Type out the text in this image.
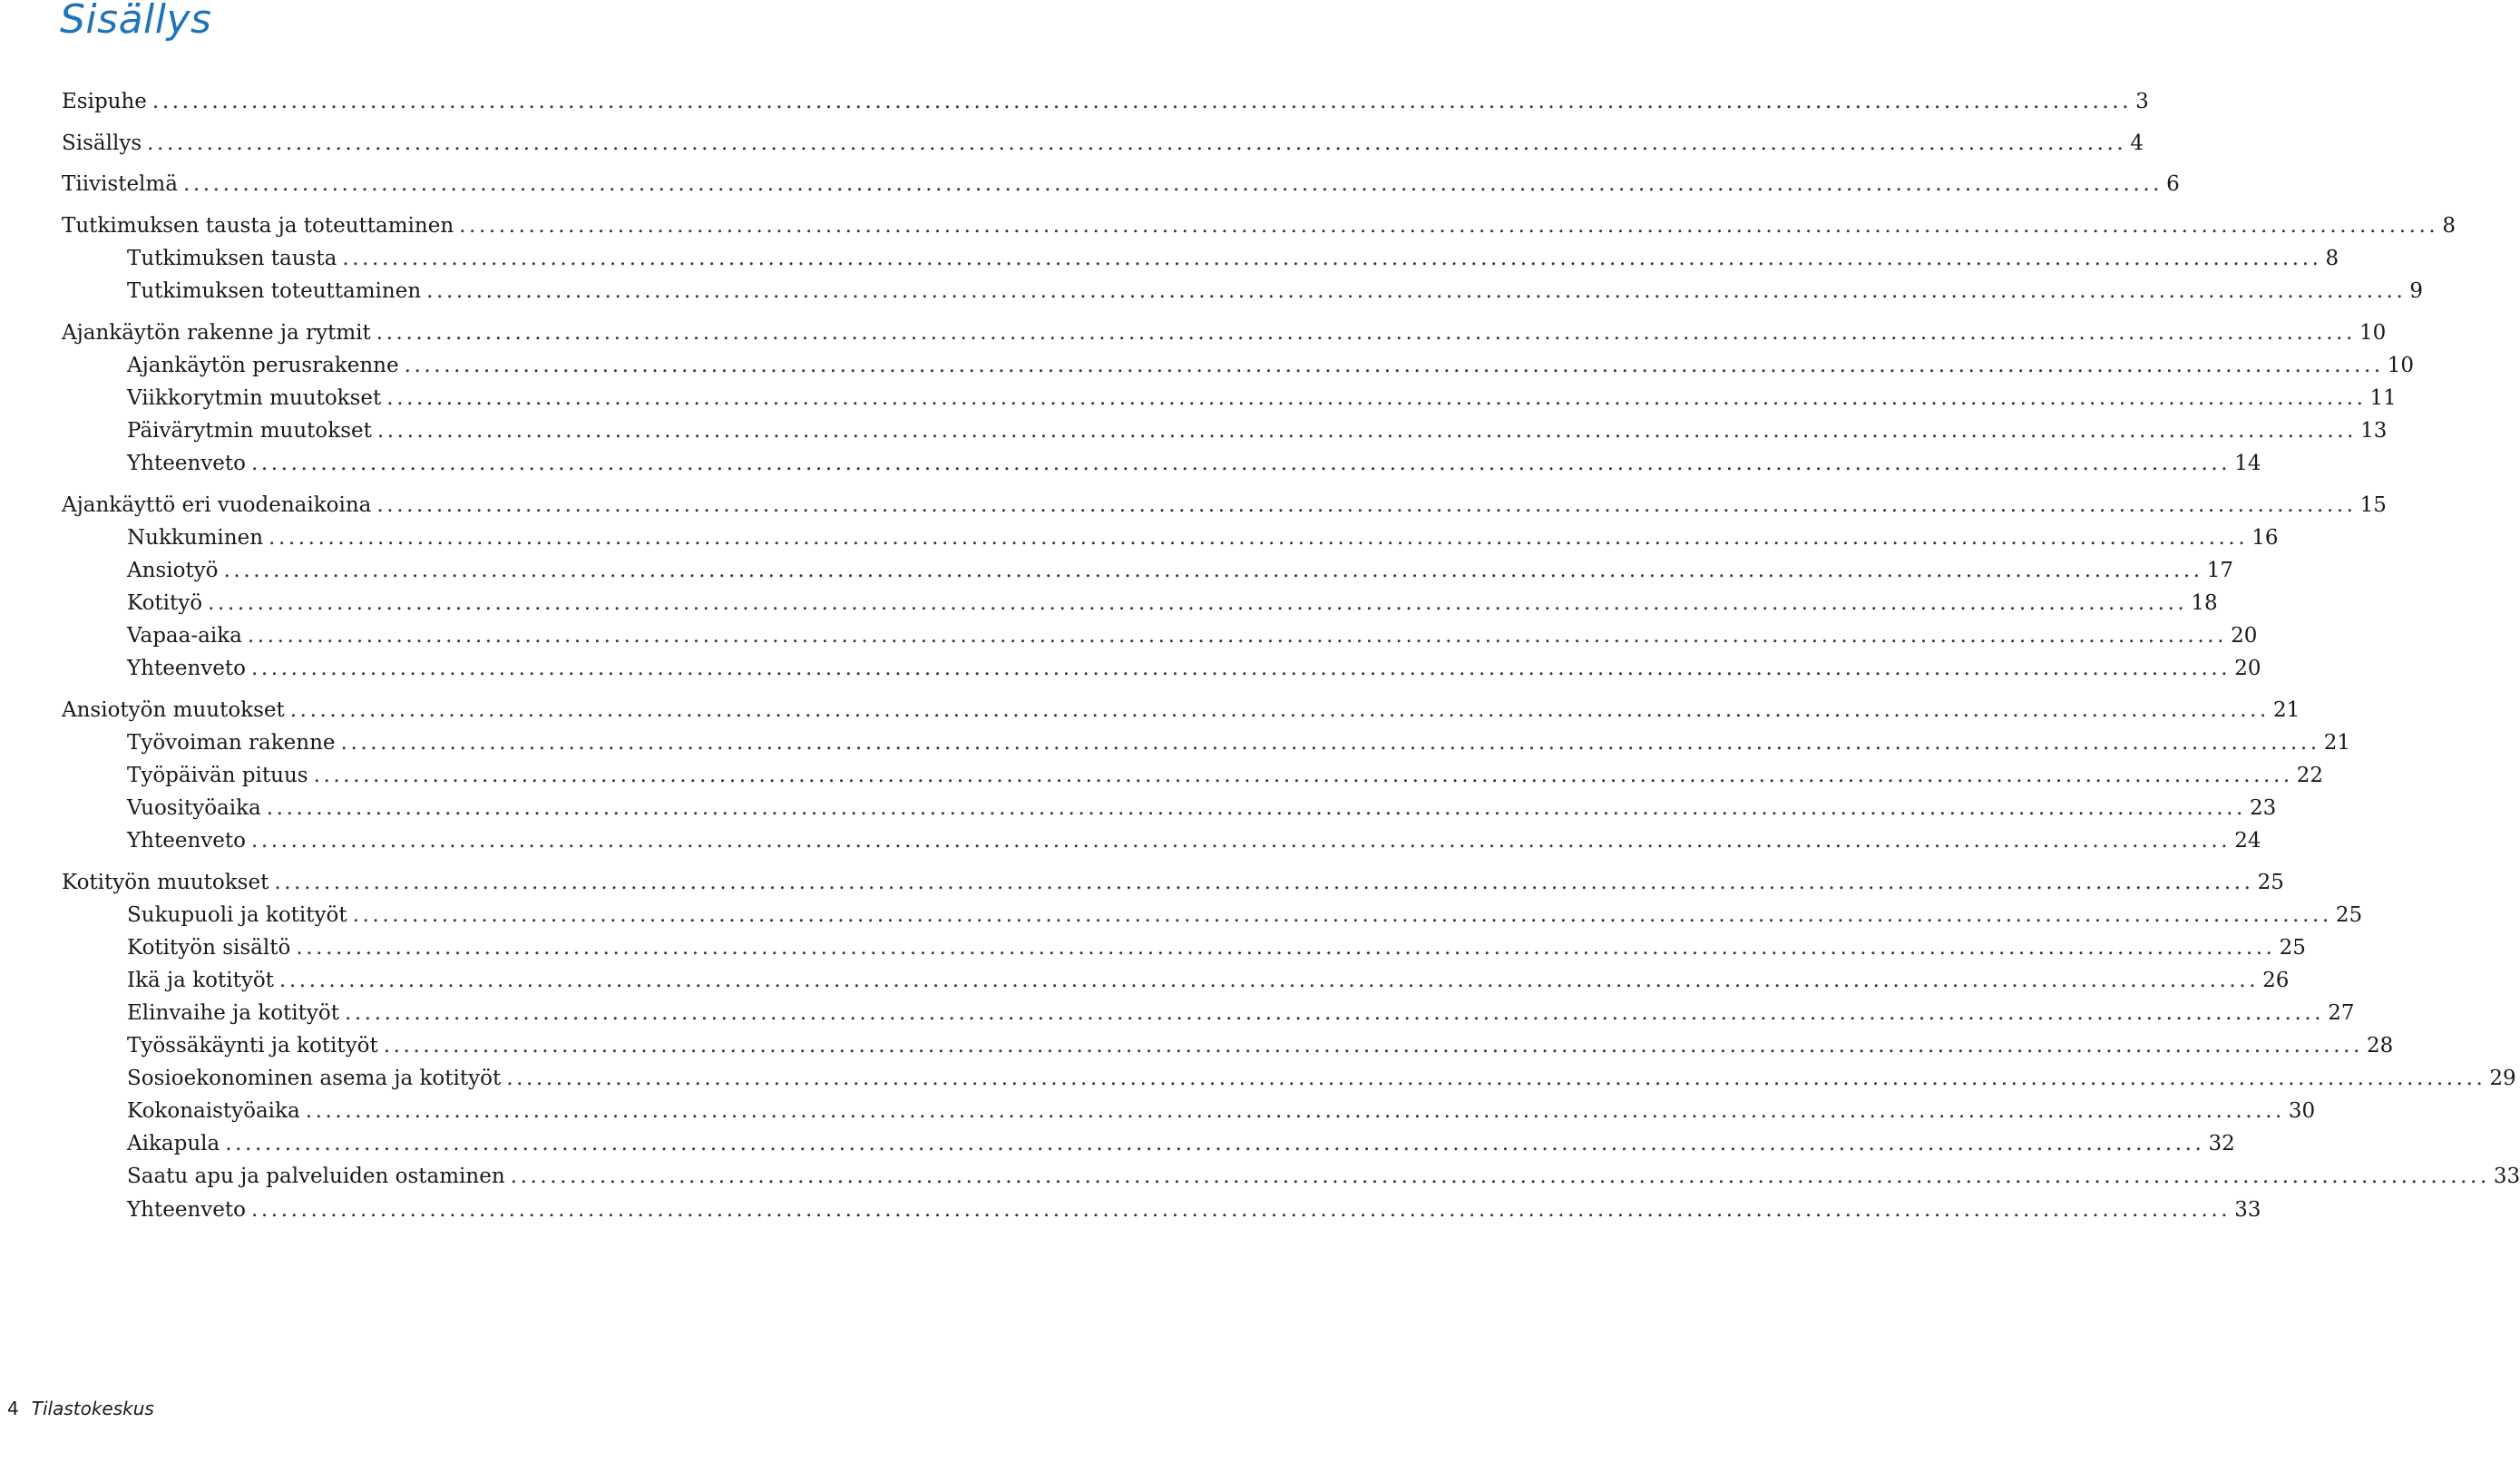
Sisällys
Esipuhe ........................................................................................................................................................................................................ 3
Sisällys ........................................................................................................................................................................................................ 4
Tiivistelmä ........................................................................................................................................................................................................ 6
Tutkimuksen tausta ja toteuttaminen ........................................................................................................................................................................................................ 8
Tutkimuksen tausta ........................................................................................................................................................................................................ 8
Tutkimuksen toteuttaminen ........................................................................................................................................................................................................ 9
Ajankäytön rakenne ja rytmit ........................................................................................................................................................................................................ 10
Ajankäytön perusrakenne ........................................................................................................................................................................................................ 10
Viikkorytmin muutokset ........................................................................................................................................................................................................ 11
Päivärytmin muutokset ........................................................................................................................................................................................................ 13
Yhteenveto ........................................................................................................................................................................................................ 14
Ajankäyttö eri vuodenaikoina ........................................................................................................................................................................................................ 15
Nukkuminen ........................................................................................................................................................................................................ 16
Ansiotyö ........................................................................................................................................................................................................ 17
Kotityö ........................................................................................................................................................................................................ 18
Vapaa-aika ........................................................................................................................................................................................................ 20
Yhteenveto ........................................................................................................................................................................................................ 20
Ansiotyön muutokset ........................................................................................................................................................................................................ 21
Työvoiman rakenne ........................................................................................................................................................................................................ 21
Työpäivän pituus ........................................................................................................................................................................................................ 22
Vuosityöaika ........................................................................................................................................................................................................ 23
Yhteenveto ........................................................................................................................................................................................................ 24
Kotityön muutokset ........................................................................................................................................................................................................ 25
Sukupuoli ja kotityöt ........................................................................................................................................................................................................ 25
Kotityön sisältö ........................................................................................................................................................................................................ 25
Ikä ja kotityöt ........................................................................................................................................................................................................ 26
Elinvaihe ja kotityöt ........................................................................................................................................................................................................ 27
Työssäkäynti ja kotityöt ........................................................................................................................................................................................................ 28
Sosioekonominen asema ja kotityöt ........................................................................................................................................................................................................ 29
Kokonaistyöaika ........................................................................................................................................................................................................ 30
Aikapula ........................................................................................................................................................................................................ 32
Saatu apu ja palveluiden ostaminen ........................................................................................................................................................................................................ 33
Yhteenveto ........................................................................................................................................................................................................ 33
4 Tilastokeskus
